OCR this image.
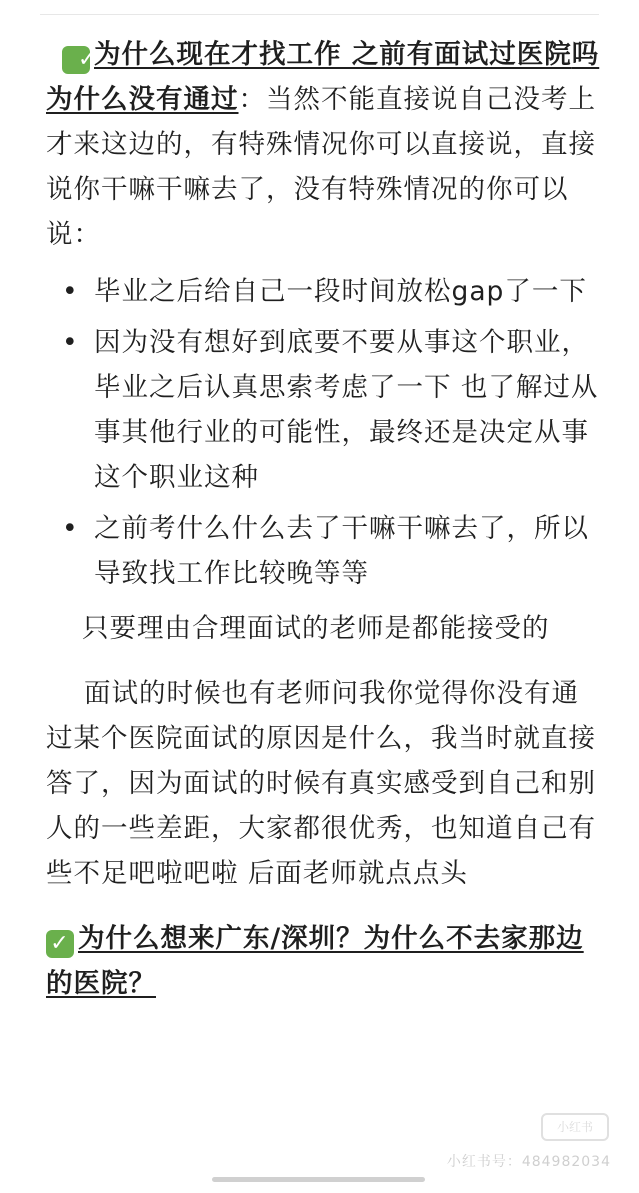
✓为什么现在才找工作 之前有面试过医院吗 为什么没有通过：当然不能直接说自己没考上才来这边的，有特殊情况你可以直接说，直接说你干嘛干嘛去了，没有特殊情况的你可以说：

• 毕业之后给自己一段时间放松gap了一下
• 因为没有想好到底要不要从事这个职业，毕业之后认真思索考虑了一下 也了解过从事其他行业的可能性，最终还是决定从事这个职业这种
• 之前考什么什么去了干嘛干嘛去了，所以导致找工作比较晚等等

只要理由合理面试的老师是都能接受的

面试的时候也有老师问我你觉得你没有通过某个医院面试的原因是什么，我当时就直接答了，因为面试的时候有真实感受到自己和别人的一些差距，大家都很优秀，也知道自己有些不足吧啦吧啦 后面老师就点点头

✓ 为什么想来广东/深圳？为什么不去家那边的医院？

小红书
小红书号：484982034
